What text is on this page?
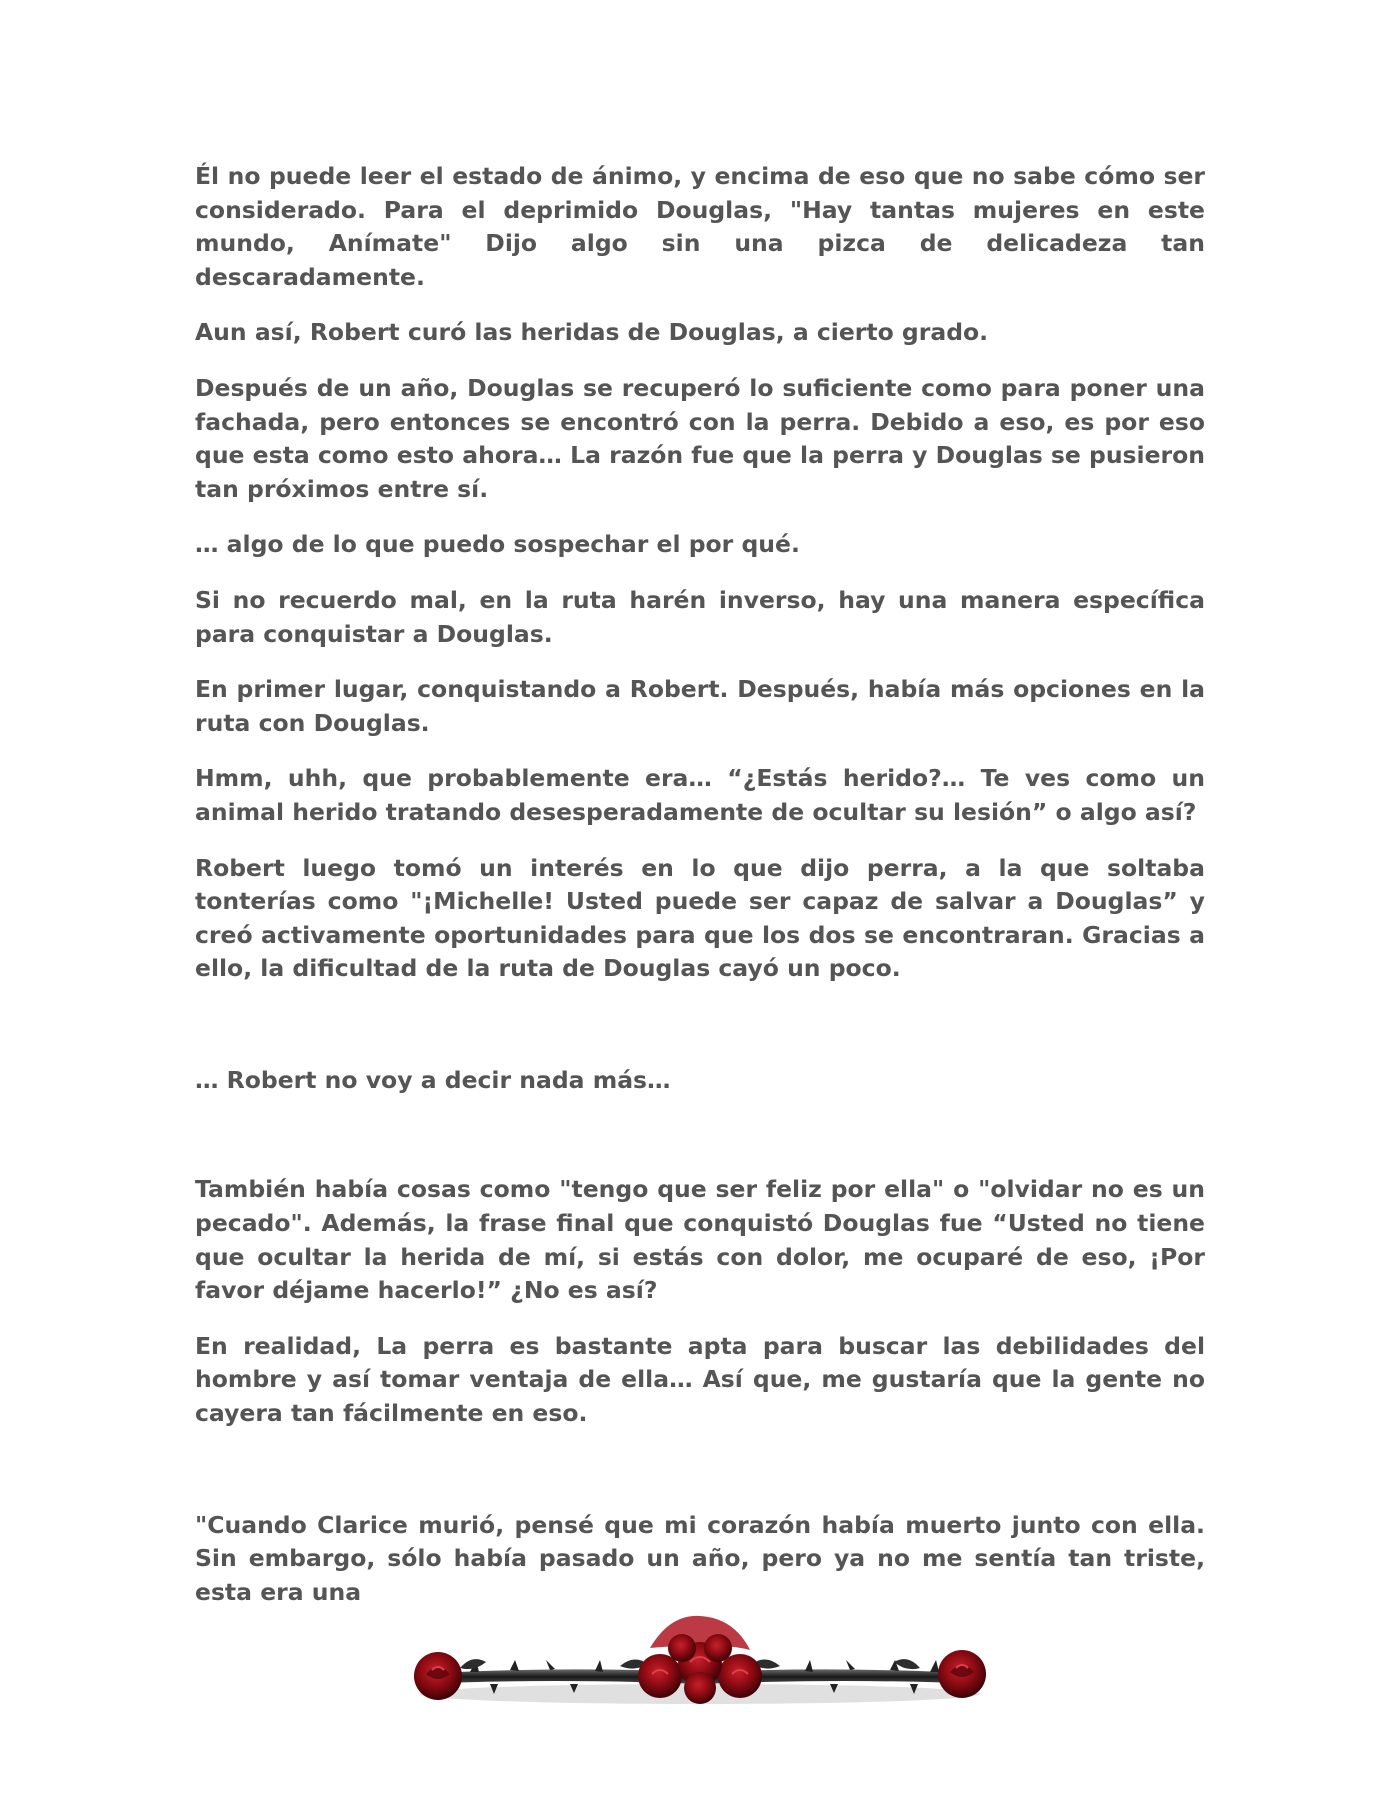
Él no puede leer el estado de ánimo, y encima de eso que no sabe cómo ser considerado. Para el deprimido Douglas, "Hay tantas mujeres en este mundo, Anímate" Dijo algo sin una pizca de delicadeza tan descaradamente.

Aun así, Robert curó las heridas de Douglas, a cierto grado.

Después de un año, Douglas se recuperó lo suficiente como para poner una fachada, pero entonces se encontró con la perra. Debido a eso, es por eso que esta como esto ahora… La razón fue que la perra y Douglas se pusieron tan próximos entre sí.

… algo de lo que puedo sospechar el por qué.

Si no recuerdo mal, en la ruta harén inverso, hay una manera específica para conquistar a Douglas.

En primer lugar, conquistando a Robert. Después, había más opciones en la ruta con Douglas.

Hmm, uhh, que probablemente era… “¿Estás herido?… Te ves como un animal herido tratando desesperadamente de ocultar su lesión” o algo así?

Robert luego tomó un interés en lo que dijo perra, a la que soltaba tonterías como "¡Michelle! Usted puede ser capaz de salvar a Douglas” y creó activamente oportunidades para que los dos se encontraran. Gracias a ello, la dificultad de la ruta de Douglas cayó un poco.

… Robert no voy a decir nada más…

También había cosas como "tengo que ser feliz por ella" o "olvidar no es un pecado". Además, la frase final que conquistó Douglas fue “Usted no tiene que ocultar la herida de mí, si estás con dolor, me ocuparé de eso, ¡Por favor déjame hacerlo!” ¿No es así?

En realidad, La perra es bastante apta para buscar las debilidades del hombre y así tomar ventaja de ella… Así que, me gustaría que la gente no cayera tan fácilmente en eso.

"Cuando Clarice murió, pensé que mi corazón había muerto junto con ella. Sin embargo, sólo había pasado un año, pero ya no me sentía tan triste, esta era una
